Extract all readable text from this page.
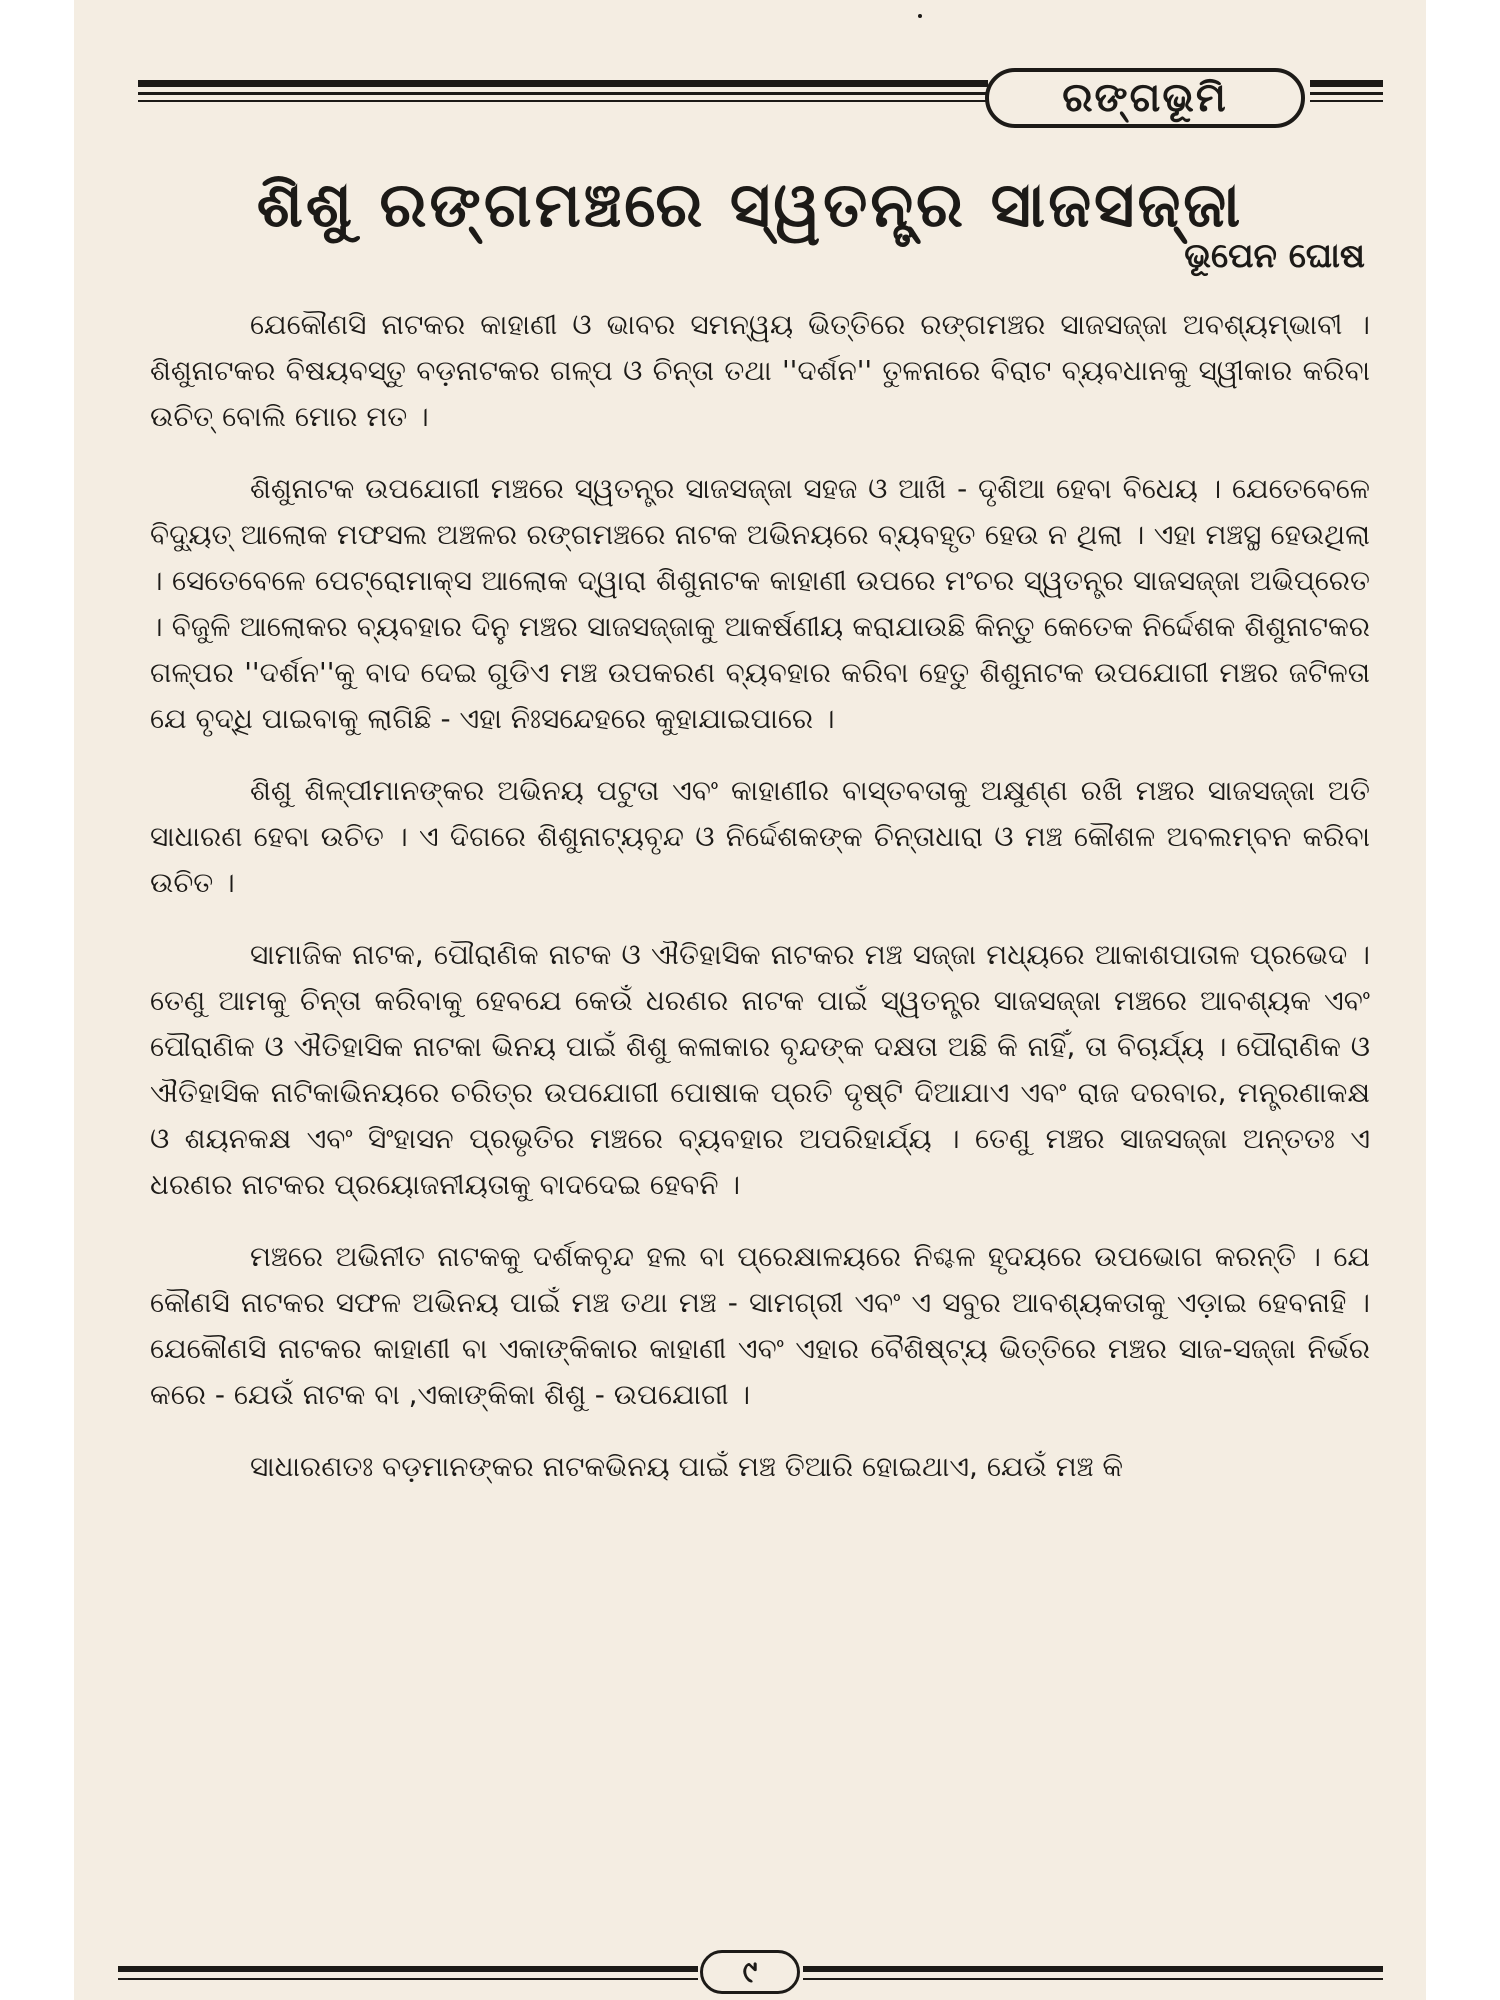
ରଙ୍ଗଭୂମି
ଶିଶୁ ରଙ୍ଗମଞ୍ଚରେ ସ୍ୱତନ୍ତ୍ର ସାଜସଜ୍ଜା
ଭୂପେନ ଘୋଷ

ଯେକୌଣସି ନାଟକର କାହାଣୀ ଓ ଭାବର ସମନ୍ୱୟ ଭିତ୍ତିରେ ରଙ୍ଗମଞ୍ଚର ସାଜସଜ୍ଜା ଅବଶ୍ୟମ୍ଭାବୀ । ଶିଶୁନାଟକର ବିଷୟବସ୍ତୁ ବଡ଼ନାଟକର ଗଳ୍ପ ଓ ଚିନ୍ତା ତଥା ''ଦର୍ଶନ'' ତୁଳନାରେ ବିରାଟ ବ୍ୟବଧାନକୁ ସ୍ୱୀକାର କରିବା ଉଚିତ୍ ବୋଲି ମୋର ମତ ।

ଶିଶୁନାଟକ ଉପଯୋଗୀ ମଞ୍ଚରେ ସ୍ୱତନ୍ତ୍ର ସାଜସଜ୍ଜା ସହଜ ଓ ଆଖି - ଦୃଶିଆ ହେବା ବିଧେୟ । ଯେତେବେଳେ ବିଦ୍ୟୁତ୍ ଆଲୋକ ମଫସଲ ଅଞ୍ଚଳର ରଙ୍ଗମଞ୍ଚରେ ନାଟକ ଅଭିନୟରେ ବ୍ୟବହୃତ ହେଉ ନ ଥିଲା । ଏହା ମଞ୍ଚସ୍ଥ ହେଉଥିଲା । ସେତେବେଳେ ପେଟ୍ରୋମାକ୍ସ ଆଲୋକ ଦ୍ୱାରା ଶିଶୁନାଟକ କାହାଣୀ ଉପରେ ମଂଚର ସ୍ୱତନ୍ତ୍ର ସାଜସଜ୍ଜା ଅଭିପ୍ରେତ । ବିଜୁଳି ଆଲୋକର ବ୍ୟବହାର ଦିନୁ ମଞ୍ଚର ସାଜସଜ୍ଜାକୁ ଆକର୍ଷଣୀୟ କରାଯାଉଛି କିନ୍ତୁ କେତେକ ନିର୍ଦ୍ଦେଶକ ଶିଶୁନାଟକର ଗଳ୍ପର ''ଦର୍ଶନ''କୁ ବାଦ ଦେଇ ଗୁଡିଏ ମଞ୍ଚ ଉପକରଣ ବ୍ୟବହାର କରିବା ହେତୁ ଶିଶୁନାଟକ ଉପଯୋଗୀ ମଞ୍ଚର ଜଟିଳତା ଯେ ବୃଦ୍ଧି ପାଇବାକୁ ଲାଗିଛି - ଏହା ନିଃସନ୍ଦେହରେ କୁହାଯାଇପାରେ ।

ଶିଶୁ ଶିଳ୍ପୀମାନଙ୍କର ଅଭିନୟ ପଟୁତା ଏବଂ କାହାଣୀର ବାସ୍ତବତାକୁ ଅକ୍ଷୁଣ୍ଣ ରଖି ମଞ୍ଚର ସାଜସଜ୍ଜା ଅତି ସାଧାରଣ ହେବା ଉଚିତ । ଏ ଦିଗରେ ଶିଶୁନାଟ୍ୟବୃନ୍ଦ ଓ ନିର୍ଦ୍ଦେଶକଙ୍କ ଚିନ୍ତାଧାରା ଓ ମଞ୍ଚ କୌଶଳ ଅବଲମ୍ବନ କରିବା ଉଚିତ ।

ସାମାଜିକ ନାଟକ, ପୌରାଣିକ ନାଟକ ଓ ଐତିହାସିକ ନାଟକର ମଞ୍ଚ ସଜ୍ଜା ମଧ୍ୟରେ ଆକାଶପାତାଳ ପ୍ରଭେଦ । ତେଣୁ ଆମକୁ ଚିନ୍ତା କରିବାକୁ ହେବଯେ କେଉଁ ଧରଣର ନାଟକ ପାଇଁ ସ୍ୱତନ୍ତ୍ର ସାଜସଜ୍ଜା ମଞ୍ଚରେ ଆବଶ୍ୟକ ଏବଂ ପୌରାଣିକ ଓ ଐତିହାସିକ ନାଟକା ଭିନୟ ପାଇଁ ଶିଶୁ କଳାକାର ବୃନ୍ଦଙ୍କ ଦକ୍ଷତା ଅଛି କି ନାହିଁ, ତା ବିଚାର୍ଯ୍ୟ । ପୌରାଣିକ ଓ ଐତିହାସିକ ନାଟିକାଭିନୟରେ ଚରିତ୍ର ଉପଯୋଗୀ ପୋଷାକ ପ୍ରତି ଦୃଷ୍ଟି ଦିଆଯାଏ ଏବଂ ରାଜ ଦରବାର, ମନ୍ତ୍ରଣାକକ୍ଷ ଓ ଶୟନକକ୍ଷ ଏବଂ ସିଂହାସନ ପ୍ରଭୃତିର ମଞ୍ଚରେ ବ୍ୟବହାର ଅପରିହାର୍ଯ୍ୟ । ତେଣୁ ମଞ୍ଚର ସାଜସଜ୍ଜା ଅନ୍ତତଃ ଏ ଧରଣର ନାଟକର ପ୍ରୟୋଜନୀୟତାକୁ ବାଦଦେଇ ହେବନି ।

ମଞ୍ଚରେ ଅଭିନୀତ ନାଟକକୁ ଦର୍ଶକବୃନ୍ଦ ହଲ ବା ପ୍ରେକ୍ଷାଳୟରେ ନିଶ୍ଚଳ ହୃଦୟରେ ଉପଭୋଗ କରନ୍ତି । ଯେ କୌଣସି ନାଟକର ସଫଳ ଅଭିନୟ ପାଇଁ ମଞ୍ଚ ତଥା ମଞ୍ଚ - ସାମଗ୍ରୀ ଏବଂ ଏ ସବୁର ଆବଶ୍ୟକତାକୁ ଏଡ଼ାଇ ହେବନାହି । ଯେକୌଣସି ନାଟକର କାହାଣୀ ବା ଏକାଙ୍କିକାର କାହାଣୀ ଏବଂ ଏହାର ବୈଶିଷ୍ଟ୍ୟ ଭିତ୍ତିରେ ମଞ୍ଚର ସାଜ-ସଜ୍ଜା ନିର୍ଭର କରେ - ଯେଉଁ ନାଟକ ବା ,ଏକାଙ୍କିକା ଶିଶୁ - ଉପଯୋଗୀ ।

ସାଧାରଣତଃ ବଡ଼ମାନଙ୍କର ନାଟକଭିନୟ ପାଇଁ ମଞ୍ଚ ତିଆରି ହୋଇଥାଏ, ଯେଉଁ ମଞ୍ଚ କି

୯
